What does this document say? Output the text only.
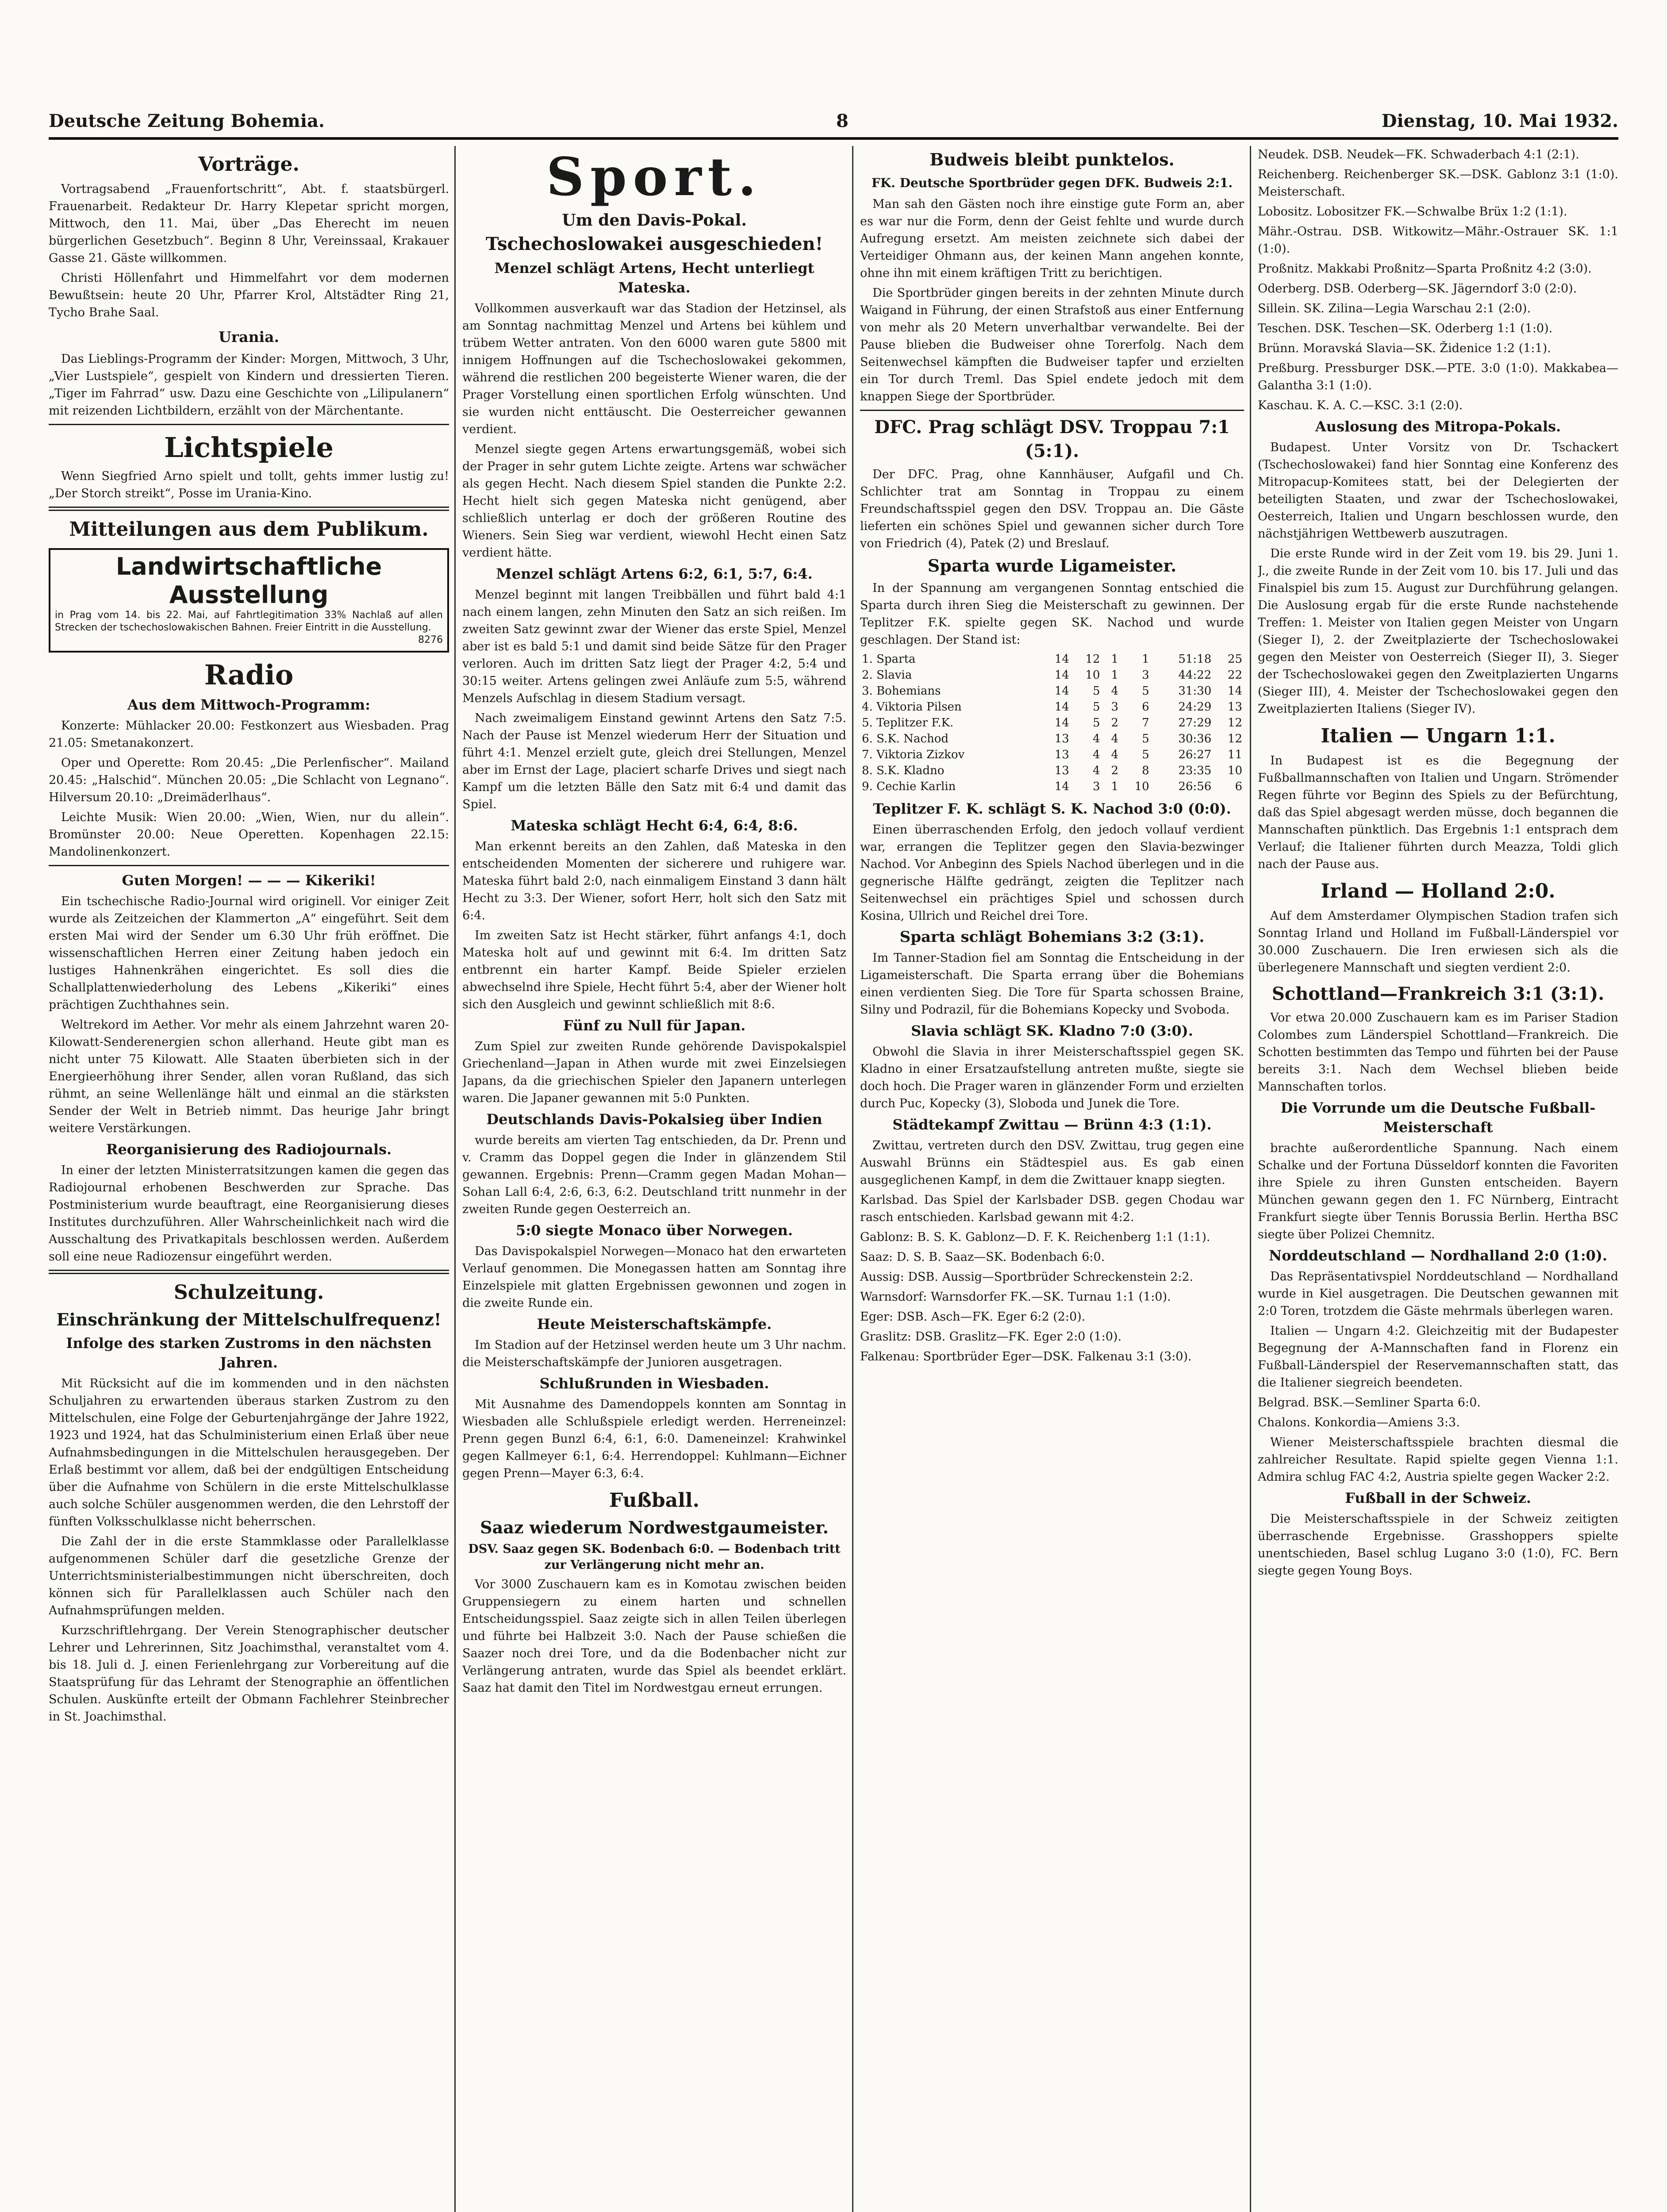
Deutsche Zeitung Bohemia.	8	Dienstag, 10. Mai 1932.
Vorträge.

Vortragsabend „Frauenfortschritt“, Abt. f. staatsbürgerl. Frauenarbeit. Redakteur Dr. Harry Klepetar spricht morgen, Mittwoch, den 11. Mai, über „Das Eherecht im neuen bürgerlichen Gesetzbuch“. Beginn 8 Uhr, Vereinssaal, Krakauer Gasse 21. Gäste willkommen.

Christi Höllenfahrt und Himmelfahrt vor dem modernen Bewußtsein: heute 20 Uhr, Pfarrer Krol, Altstädter Ring 21, Tycho Brahe Saal.

Urania.

Das Lieblings-Programm der Kinder: Morgen, Mittwoch, 3 Uhr, „Vier Lustspiele“, gespielt von Kindern und dressierten Tieren. „Tiger im Fahrrad“ usw. Dazu eine Geschichte von „Lilipulanern“ mit reizenden Lichtbildern, erzählt von der Märchentante.

Lichtspiele

Wenn Siegfried Arno spielt und tollt, gehts immer lustig zu! „Der Storch streikt“, Posse im Urania-Kino.

Mitteilungen aus dem Publikum.
Landwirtschaftliche Ausstellung
in Prag vom 14. bis 22. Mai, auf Fahrtlegitimation 33% Nachlaß auf allen Strecken der tschechoslowakischen Bahnen. Freier Eintritt in die Ausstellung.
8276
Radio
Aus dem Mittwoch-Programm:

Konzerte: Mühlacker 20.00: Festkonzert aus Wiesbaden. Prag 21.05: Smetanakonzert.

Oper und Operette: Rom 20.45: „Die Perlenfischer“. Mailand 20.45: „Halschid“. München 20.05: „Die Schlacht von Legnano“. Hilversum 20.10: „Dreimäderlhaus“.

Leichte Musik: Wien 20.00: „Wien, Wien, nur du allein“. Bromünster 20.00: Neue Operetten. Kopenhagen 22.15: Mandolinenkonzert.

Guten Morgen! — — — Kikeriki!

Ein tschechische Radio-Journal wird originell. Vor einiger Zeit wurde als Zeitzeichen der Klammerton „A“ eingeführt. Seit dem ersten Mai wird der Sender um 6.30 Uhr früh eröffnet. Die wissenschaftlichen Herren einer Zeitung haben jedoch ein lustiges Hahnenkrähen eingerichtet. Es soll dies die Schallplattenwiederholung des Lebens „Kikeriki“ eines prächtigen Zuchthahnes sein.

Weltrekord im Aether. Vor mehr als einem Jahrzehnt waren 20-Kilowatt-Senderenergien schon allerhand. Heute gibt man es nicht unter 75 Kilowatt. Alle Staaten überbieten sich in der Energieerhöhung ihrer Sender, allen voran Rußland, das sich rühmt, an seine Wellenlänge hält und einmal an die stärksten Sender der Welt in Betrieb nimmt. Das heurige Jahr bringt weitere Verstärkungen.

Reorganisierung des Radiojournals.

In einer der letzten Ministerratsitzungen kamen die gegen das Radiojournal erhobenen Beschwerden zur Sprache. Das Postministerium wurde beauftragt, eine Reorganisierung dieses Institutes durchzuführen. Aller Wahrscheinlichkeit nach wird die Ausschaltung des Privatkapitals beschlossen werden. Außerdem soll eine neue Radiozensur eingeführt werden.

Schulzeitung.
Einschränkung der Mittelschulfrequenz!
Infolge des starken Zustroms in den nächsten Jahren.

Mit Rücksicht auf die im kommenden und in den nächsten Schuljahren zu erwartenden überaus starken Zustrom zu den Mittelschulen, eine Folge der Geburtenjahrgänge der Jahre 1922, 1923 und 1924, hat das Schulministerium einen Erlaß über neue Aufnahmsbedingungen in die Mittelschulen herausgegeben. Der Erlaß bestimmt vor allem, daß bei der endgültigen Entscheidung über die Aufnahme von Schülern in die erste Mittelschulklasse auch solche Schüler ausgenommen werden, die den Lehrstoff der fünften Volksschulklasse nicht beherrschen.

Die Zahl der in die erste Stammklasse oder Parallelklasse aufgenommenen Schüler darf die gesetzliche Grenze der Unterrichtsministerialbestimmungen nicht überschreiten, doch können sich für Parallelklassen auch Schüler nach den Aufnahmsprüfungen melden.

Kurzschriftlehrgang. Der Verein Stenographischer deutscher Lehrer und Lehrerinnen, Sitz Joachimsthal, veranstaltet vom 4. bis 18. Juli d. J. einen Ferienlehrgang zur Vorbereitung auf die Staatsprüfung für das Lehramt der Stenographie an öffentlichen Schulen. Auskünfte erteilt der Obmann Fachlehrer Steinbrecher in St. Joachimsthal.

Sport.
Um den Davis-Pokal.
Tschechoslowakei ausgeschieden!
Menzel schlägt Artens, Hecht unterliegt Mateska.

Vollkommen ausverkauft war das Stadion der Hetzinsel, als am Sonntag nachmittag Menzel und Artens bei kühlem und trübem Wetter antraten. Von den 6000 waren gute 5800 mit innigem Hoffnungen auf die Tschechoslowakei gekommen, während die restlichen 200 begeisterte Wiener waren, die der Prager Vorstellung einen sportlichen Erfolg wünschten. Und sie wurden nicht enttäuscht. Die Oesterreicher gewannen verdient.

Menzel siegte gegen Artens erwartungsgemäß, wobei sich der Prager in sehr gutem Lichte zeigte. Artens war schwächer als gegen Hecht. Nach diesem Spiel standen die Punkte 2:2. Hecht hielt sich gegen Mateska nicht genügend, aber schließlich unterlag er doch der größeren Routine des Wieners. Sein Sieg war verdient, wiewohl Hecht einen Satz verdient hätte.

Menzel schlägt Artens 6:2, 6:1, 5:7, 6:4.

Menzel beginnt mit langen Treibbällen und führt bald 4:1 nach einem langen, zehn Minuten den Satz an sich reißen. Im zweiten Satz gewinnt zwar der Wiener das erste Spiel, Menzel aber ist es bald 5:1 und damit sind beide Sätze für den Prager verloren. Auch im dritten Satz liegt der Prager 4:2, 5:4 und 30:15 weiter. Artens gelingen zwei Anläufe zum 5:5, während Menzels Aufschlag in diesem Stadium versagt.

Nach zweimaligem Einstand gewinnt Artens den Satz 7:5. Nach der Pause ist Menzel wiederum Herr der Situation und führt 4:1. Menzel erzielt gute, gleich drei Stellungen, Menzel aber im Ernst der Lage, placiert scharfe Drives und siegt nach Kampf um die letzten Bälle den Satz mit 6:4 und damit das Spiel.

Mateska schlägt Hecht 6:4, 6:4, 8:6.

Man erkennt bereits an den Zahlen, daß Mateska in den entscheidenden Momenten der sicherere und ruhigere war. Mateska führt bald 2:0, nach einmaligem Einstand 3 dann hält Hecht zu 3:3. Der Wiener, sofort Herr, holt sich den Satz mit 6:4.

Im zweiten Satz ist Hecht stärker, führt anfangs 4:1, doch Mateska holt auf und gewinnt mit 6:4. Im dritten Satz entbrennt ein harter Kampf. Beide Spieler erzielen abwechselnd ihre Spiele, Hecht führt 5:4, aber der Wiener holt sich den Ausgleich und gewinnt schließlich mit 8:6.

Fünf zu Null für Japan.

Zum Spiel zur zweiten Runde gehörende Davispokalspiel Griechenland—Japan in Athen wurde mit zwei Einzelsiegen Japans, da die griechischen Spieler den Japanern unterlegen waren. Die Japaner gewannen mit 5:0 Punkten.

Deutschlands Davis-Pokalsieg über Indien

wurde bereits am vierten Tag entschieden, da Dr. Prenn und v. Cramm das Doppel gegen die Inder in glänzendem Stil gewannen. Ergebnis: Prenn—Cramm gegen Madan Mohan—Sohan Lall 6:4, 2:6, 6:3, 6:2. Deutschland tritt nunmehr in der zweiten Runde gegen Oesterreich an.

5:0 siegte Monaco über Norwegen.

Das Davispokalspiel Norwegen—Monaco hat den erwarteten Verlauf genommen. Die Monegassen hatten am Sonntag ihre Einzelspiele mit glatten Ergebnissen gewonnen und zogen in die zweite Runde ein.

Heute Meisterschaftskämpfe.

Im Stadion auf der Hetzinsel werden heute um 3 Uhr nachm. die Meisterschaftskämpfe der Junioren ausgetragen.

Schlußrunden in Wiesbaden.

Mit Ausnahme des Damendoppels konnten am Sonntag in Wiesbaden alle Schlußspiele erledigt werden. Herreneinzel: Prenn gegen Bunzl 6:4, 6:1, 6:0. Dameneinzel: Krahwinkel gegen Kallmeyer 6:1, 6:4. Herrendoppel: Kuhlmann—Eichner gegen Prenn—Mayer 6:3, 6:4.

Fußball.
Saaz wiederum Nordwestgaumeister.
DSV. Saaz gegen SK. Bodenbach 6:0. — Bodenbach tritt zur Verlängerung nicht mehr an.

Vor 3000 Zuschauern kam es in Komotau zwischen beiden Gruppensiegern zu einem harten und schnellen Entscheidungsspiel. Saaz zeigte sich in allen Teilen überlegen und führte bei Halbzeit 3:0. Nach der Pause schießen die Saazer noch drei Tore, und da die Bodenbacher nicht zur Verlängerung antraten, wurde das Spiel als beendet erklärt. Saaz hat damit den Titel im Nordwestgau erneut errungen.

Budweis bleibt punktelos.
FK. Deutsche Sportbrüder gegen DFK. Budweis 2:1.

Man sah den Gästen noch ihre einstige gute Form an, aber es war nur die Form, denn der Geist fehlte und wurde durch Aufregung ersetzt. Am meisten zeichnete sich dabei der Verteidiger Ohmann aus, der keinen Mann angehen konnte, ohne ihn mit einem kräftigen Tritt zu berichtigen.

Die Sportbrüder gingen bereits in der zehnten Minute durch Waigand in Führung, der einen Strafstoß aus einer Entfernung von mehr als 20 Metern unverhaltbar verwandelte. Bei der Pause blieben die Budweiser ohne Torerfolg. Nach dem Seitenwechsel kämpften die Budweiser tapfer und erzielten ein Tor durch Treml. Das Spiel endete jedoch mit dem knappen Siege der Sportbrüder.

DFC. Prag schlägt DSV. Troppau 7:1 (5:1).

Der DFC. Prag, ohne Kannhäuser, Aufgafil und Ch. Schlichter trat am Sonntag in Troppau zu einem Freundschaftsspiel gegen den DSV. Troppau an. Die Gäste lieferten ein schönes Spiel und gewannen sicher durch Tore von Friedrich (4), Patek (2) und Breslauf.

Sparta wurde Ligameister.

In der Spannung am vergangenen Sonntag entschied die Sparta durch ihren Sieg die Meisterschaft zu gewinnen. Der Teplitzer F.K. spielte gegen SK. Nachod und wurde geschlagen. Der Stand ist:

1. Sparta	14	12	1	1	51:18	25
2. Slavia	14	10	1	3	44:22	22
3. Bohemians	14	5	4	5	31:30	14
4. Viktoria Pilsen	14	5	3	6	24:29	13
5. Teplitzer F.K.	14	5	2	7	27:29	12
6. S.K. Nachod	13	4	4	5	30:36	12
7. Viktoria Zizkov	13	4	4	5	26:27	11
8. S.K. Kladno	13	4	2	8	23:35	10
9. Cechie Karlin	14	3	1	10	26:56	6
Teplitzer F. K. schlägt S. K. Nachod 3:0 (0:0).

Einen überraschenden Erfolg, den jedoch vollauf verdient war, errangen die Teplitzer gegen den Slavia-bezwinger Nachod. Vor Anbeginn des Spiels Nachod überlegen und in die gegnerische Hälfte gedrängt, zeigten die Teplitzer nach Seitenwechsel ein prächtiges Spiel und schossen durch Kosina, Ullrich und Reichel drei Tore.

Sparta schlägt Bohemians 3:2 (3:1).

Im Tanner-Stadion fiel am Sonntag die Entscheidung in der Ligameisterschaft. Die Sparta errang über die Bohemians einen verdienten Sieg. Die Tore für Sparta schossen Braine, Silny und Podrazil, für die Bohemians Kopecky und Svoboda.

Slavia schlägt SK. Kladno 7:0 (3:0).

Obwohl die Slavia in ihrer Meisterschaftsspiel gegen SK. Kladno in einer Ersatzaufstellung antreten mußte, siegte sie doch hoch. Die Prager waren in glänzender Form und erzielten durch Puc, Kopecky (3), Sloboda und Junek die Tore.

Städtekampf Zwittau — Brünn 4:3 (1:1).

Zwittau, vertreten durch den DSV. Zwittau, trug gegen eine Auswahl Brünns ein Städtespiel aus. Es gab einen ausgeglichenen Kampf, in dem die Zwittauer knapp siegten.

Karlsbad. Das Spiel der Karlsbader DSB. gegen Chodau war rasch entschieden. Karlsbad gewann mit 4:2.

Gablonz: B. S. K. Gablonz—D. F. K. Reichenberg 1:1 (1:1).

Saaz: D. S. B. Saaz—SK. Bodenbach 6:0.

Aussig: DSB. Aussig—Sportbrüder Schreckenstein 2:2.

Warnsdorf: Warnsdorfer FK.—SK. Turnau 1:1 (1:0).

Eger: DSB. Asch—FK. Eger 6:2 (2:0).

Graslitz: DSB. Graslitz—FK. Eger 2:0 (1:0).

Falkenau: Sportbrüder Eger—DSK. Falkenau 3:1 (3:0).

Neudek. DSB. Neudek—FK. Schwaderbach 4:1 (2:1).

Reichenberg. Reichenberger SK.—DSK. Gablonz 3:1 (1:0). Meisterschaft.

Lobositz. Lobositzer FK.—Schwalbe Brüx 1:2 (1:1).

Mähr.-Ostrau. DSB. Witkowitz—Mähr.-Ostrauer SK. 1:1 (1:0).

Proßnitz. Makkabi Proßnitz—Sparta Proßnitz 4:2 (3:0).

Oderberg. DSB. Oderberg—SK. Jägerndorf 3:0 (2:0).

Sillein. SK. Zilina—Legia Warschau 2:1 (2:0).

Teschen. DSK. Teschen—SK. Oderberg 1:1 (1:0).

Brünn. Moravská Slavia—SK. Židenice 1:2 (1:1).

Preßburg. Pressburger DSK.—PTE. 3:0 (1:0). Makkabea—Galantha 3:1 (1:0).

Kaschau. K. A. C.—KSC. 3:1 (2:0).

Auslosung des Mitropa-Pokals.

Budapest. Unter Vorsitz von Dr. Tschackert (Tschechoslowakei) fand hier Sonntag eine Konferenz des Mitropacup-Komitees statt, bei der Delegierten der beteiligten Staaten, und zwar der Tschechoslowakei, Oesterreich, Italien und Ungarn beschlossen wurde, den nächstjährigen Wettbewerb auszutragen.

Die erste Runde wird in der Zeit vom 19. bis 29. Juni 1. J., die zweite Runde in der Zeit vom 10. bis 17. Juli und das Finalspiel bis zum 15. August zur Durchführung gelangen. Die Auslosung ergab für die erste Runde nachstehende Treffen: 1. Meister von Italien gegen Meister von Ungarn (Sieger I), 2. der Zweitplazierte der Tschechoslowakei gegen den Meister von Oesterreich (Sieger II), 3. Sieger der Tschechoslowakei gegen den Zweitplazierten Ungarns (Sieger III), 4. Meister der Tschechoslowakei gegen den Zweitplazierten Italiens (Sieger IV).

Italien — Ungarn 1:1.

In Budapest ist es die Begegnung der Fußballmannschaften von Italien und Ungarn. Strömender Regen führte vor Beginn des Spiels zu der Befürchtung, daß das Spiel abgesagt werden müsse, doch begannen die Mannschaften pünktlich. Das Ergebnis 1:1 entsprach dem Verlauf; die Italiener führten durch Meazza, Toldi glich nach der Pause aus.

Irland — Holland 2:0.

Auf dem Amsterdamer Olympischen Stadion trafen sich Sonntag Irland und Holland im Fußball-Länderspiel vor 30.000 Zuschauern. Die Iren erwiesen sich als die überlegenere Mannschaft und siegten verdient 2:0.

Schottland—Frankreich 3:1 (3:1).

Vor etwa 20.000 Zuschauern kam es im Pariser Stadion Colombes zum Länderspiel Schottland—Frankreich. Die Schotten bestimmten das Tempo und führten bei der Pause bereits 3:1. Nach dem Wechsel blieben beide Mannschaften torlos.

Die Vorrunde um die Deutsche Fußball-Meisterschaft

brachte außerordentliche Spannung. Nach einem Schalke und der Fortuna Düsseldorf konnten die Favoriten ihre Spiele zu ihren Gunsten entscheiden. Bayern München gewann gegen den 1. FC Nürnberg, Eintracht Frankfurt siegte über Tennis Borussia Berlin. Hertha BSC siegte über Polizei Chemnitz.

Norddeutschland — Nordhalland 2:0 (1:0).

Das Repräsentativspiel Norddeutschland — Nordhalland wurde in Kiel ausgetragen. Die Deutschen gewannen mit 2:0 Toren, trotzdem die Gäste mehrmals überlegen waren.

Italien — Ungarn 4:2. Gleichzeitig mit der Budapester Begegnung der A-Mannschaften fand in Florenz ein Fußball-Länderspiel der Reservemannschaften statt, das die Italiener siegreich beendeten.

Belgrad. BSK.—Semliner Sparta 6:0.

Chalons. Konkordia—Amiens 3:3.

Wiener Meisterschaftsspiele brachten diesmal die zahlreicher Resultate. Rapid spielte gegen Vienna 1:1. Admira schlug FAC 4:2, Austria spielte gegen Wacker 2:2.

Fußball in der Schweiz.

Die Meisterschaftsspiele in der Schweiz zeitigten überraschende Ergebnisse. Grasshoppers spielte unentschieden, Basel schlug Lugano 3:0 (1:0), FC. Bern siegte gegen Young Boys.
